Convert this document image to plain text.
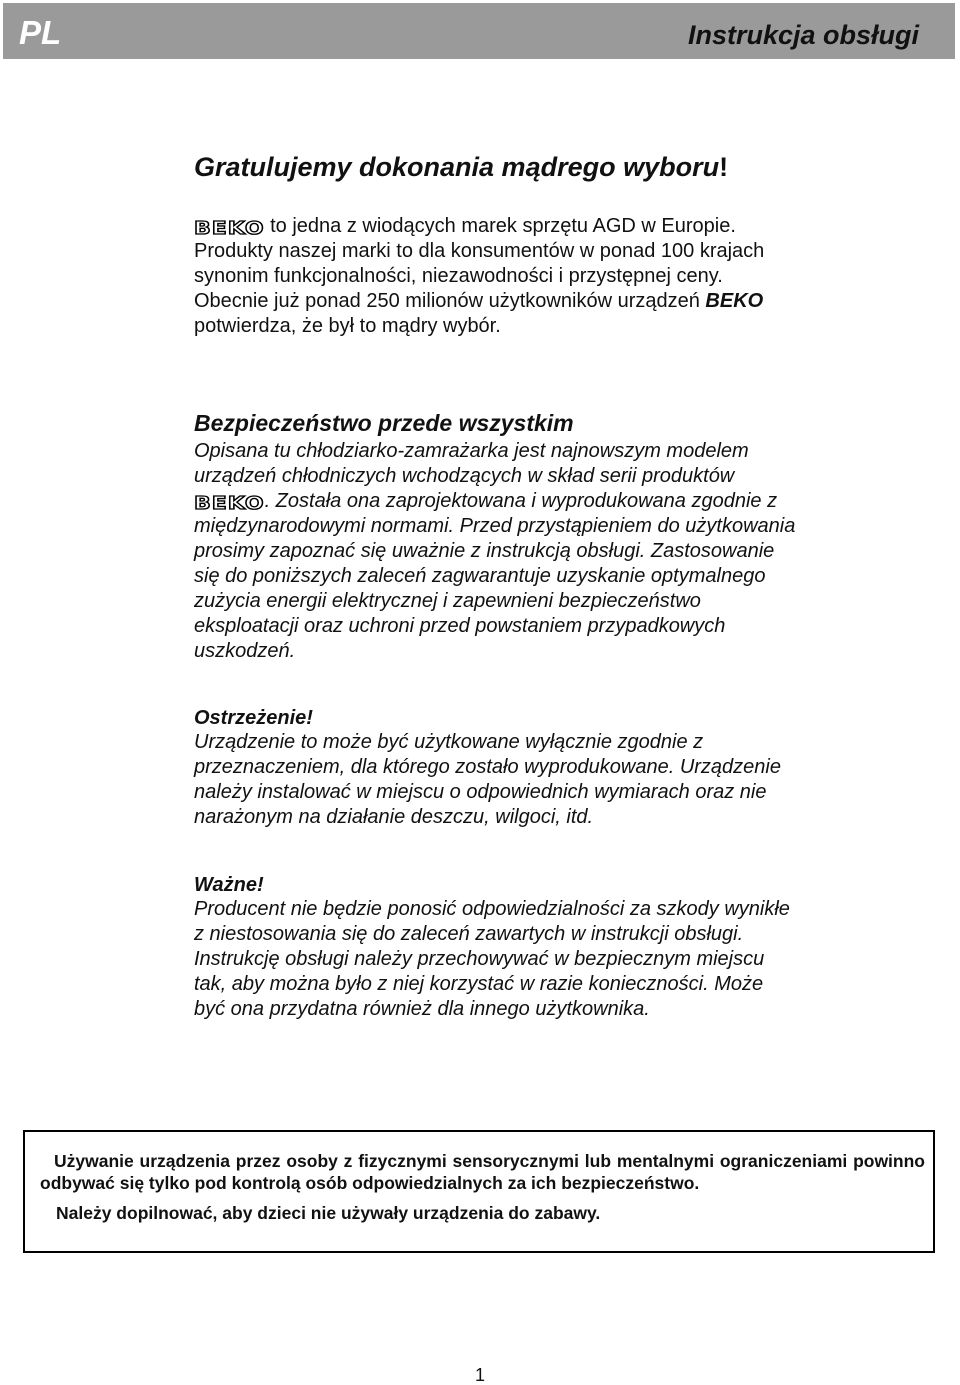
PL	Instrukcja obsługi
Gratulujemy dokonania mądrego wyboru!

BEKO to jedna z wiodących marek sprzętu AGD w Europie. Produkty naszej marki to dla konsumentów w ponad 100 krajach synonim funkcjonalności, niezawodności i przystępnej ceny. Obecnie już ponad 250 milionów użytkowników urządzeń BEKO potwierdza, że był to mądry wybór.

Bezpieczeństwo przede wszystkim

Opisana tu chłodziarko-zamrażarka jest najnowszym modelem urządzeń chłodniczych wchodzących w skład serii produktów BEKO. Została ona zaprojektowana i wyprodukowana zgodnie z międzynarodowymi normami. Przed przystąpieniem do użytkowania prosimy zapoznać się uważnie z instrukcją obsługi. Zastosowanie się do poniższych zaleceń zagwarantuje uzyskanie optymalnego zużycia energii elektrycznej i zapewnieni bezpieczeństwo eksploatacji oraz uchroni przed powstaniem przypadkowych uszkodzeń.

Ostrzeżenie!

Urządzenie to może być użytkowane wyłącznie zgodnie z przeznaczeniem, dla którego zostało wyprodukowane. Urządzenie należy instalować w miejscu o odpowiednich wymiarach oraz nie narażonym na działanie deszczu, wilgoci, itd.

Ważne!

Producent nie będzie ponosić odpowiedzialności za szkody wynikłe z niestosowania się do zaleceń zawartych w instrukcji obsługi. Instrukcję obsługi należy przechowywać w bezpiecznym miejscu tak, aby można było z niej korzystać w razie konieczności. Może być ona przydatna również dla innego użytkownika.

Używanie urządzenia przez osoby z fizycznymi sensorycznymi lub mentalnymi ograniczeniami powinno odbywać się tylko pod kontrolą osób odpowiedzialnych za ich bezpieczeństwo.
Należy dopilnować, aby dzieci nie używały urządzenia do zabawy.

1
